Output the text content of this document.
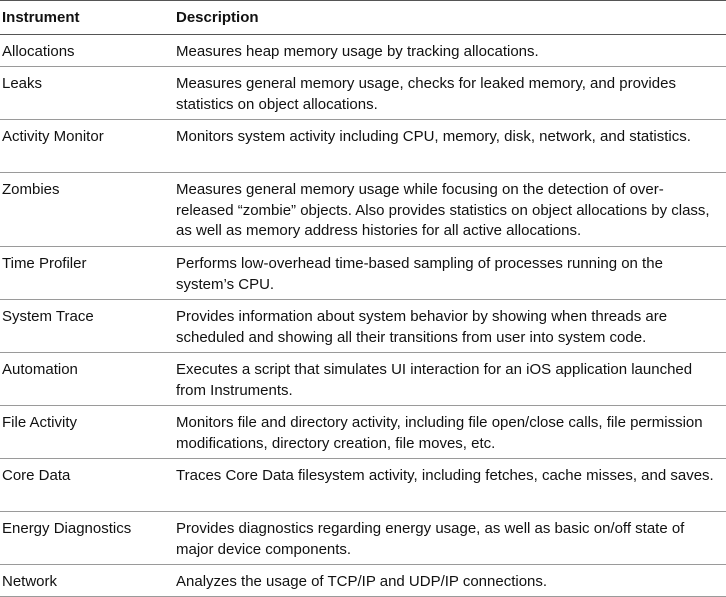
Instrument	Description
Allocations	Measures heap memory usage by tracking allocations.
Leaks	Measures general memory usage, checks for leaked memory, and provides statistics on object allocations.
Activity Monitor	Monitors system activity including CPU, memory, disk, network, and statistics.
Zombies	Measures general memory usage while focusing on the detection of over-released “zombie” objects. Also provides statistics on object allocations by class, as well as memory address histories for all active allocations.
Time Profiler	Performs low-overhead time-based sampling of processes running on the system’s CPU.
System Trace	Provides information about system behavior by showing when threads are scheduled and showing all their transitions from user into system code.
Automation	Executes a script that simulates UI interaction for an iOS application launched from Instruments.
File Activity	Monitors file and directory activity, including file open/close calls, file permission modifications, directory creation, file moves, etc.
Core Data	Traces Core Data filesystem activity, including fetches, cache misses, and saves.
Energy Diagnostics	Provides diagnostics regarding energy usage, as well as basic on/off state of major device components.
Network	Analyzes the usage of TCP/IP and UDP/IP connections.
